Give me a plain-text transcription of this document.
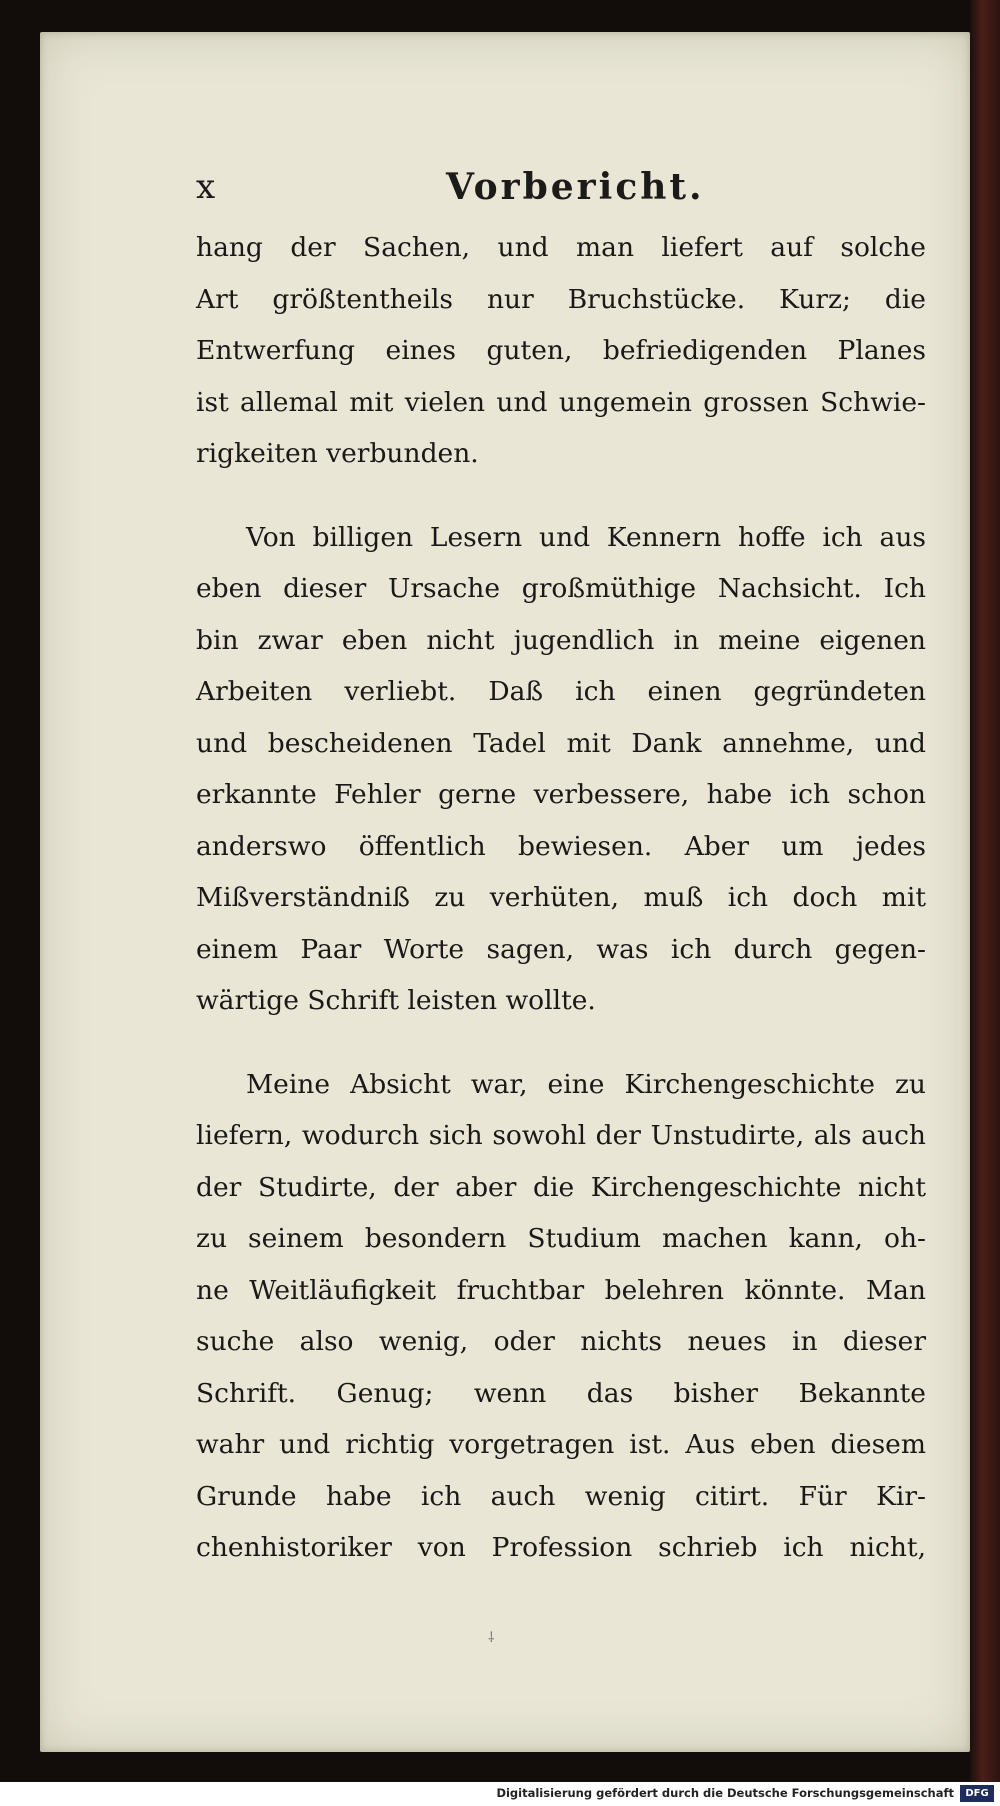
x	Vorbericht.
hang der Sachen, und man liefert auf solche
Art größtentheils nur Bruchstücke. Kurz; die
Entwerfung eines guten, befriedigenden Planes
ist allemal mit vielen und ungemein grossen Schwie-
rigkeiten verbunden.
Von billigen Lesern und Kennern hoffe ich aus
eben dieser Ursache großmüthige Nachsicht. Ich
bin zwar eben nicht jugendlich in meine eigenen
Arbeiten verliebt. Daß ich einen gegründeten
und bescheidenen Tadel mit Dank annehme, und
erkannte Fehler gerne verbessere, habe ich schon
anderswo öffentlich bewiesen. Aber um jedes
Mißverständniß zu verhüten, muß ich doch mit
einem Paar Worte sagen, was ich durch gegen-
wärtige Schrift leisten wollte.
Meine Absicht war, eine Kirchengeschichte zu
liefern, wodurch sich sowohl der Unstudirte, als auch
der Studirte, der aber die Kirchengeschichte nicht
zu seinem besondern Studium machen kann, oh-
ne Weitläufigkeit fruchtbar belehren könnte. Man
suche also wenig, oder nichts neues in dieser
Schrift. Genug; wenn das bisher Bekannte
wahr und richtig vorgetragen ist. Aus eben diesem
Grunde habe ich auch wenig citirt. Für Kir-
chenhistoriker von Profession schrieb ich nicht,
⸸
Digitalisierung gefördert durch die Deutsche Forschungsgemeinschaft	DFG
